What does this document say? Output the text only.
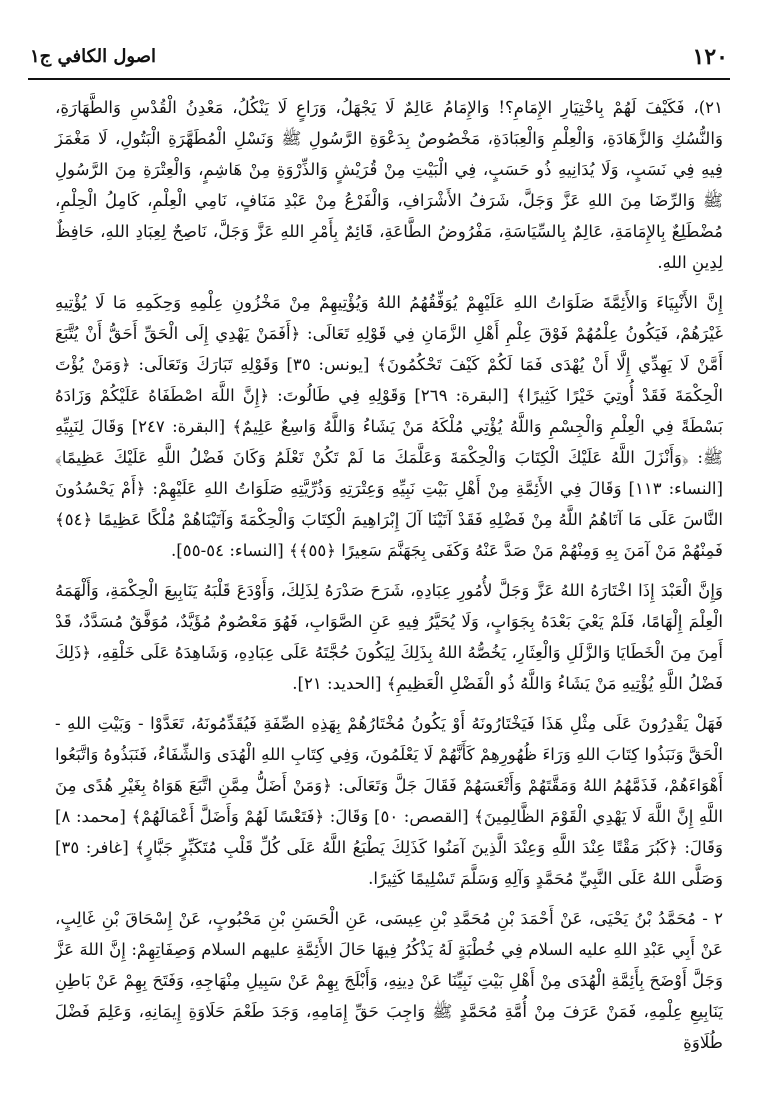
١٢٠
اصول الكافي ج١

٢١)، فَكَيْفَ لَهُمْ بِاخْتِيَارِ الإِمَامِ؟! وَالإِمَامُ عَالِمٌ لَا يَجْهَلُ، وَرَاعٍ لَا يَنْكُلُ، مَعْدِنُ الْقُدْسِ وَالطَّهَارَةِ، وَالنُّسُكِ وَالزَّهَادَةِ، وَالْعِلْمِ وَالْعِبَادَةِ، مَخْصُوصٌ بِدَعْوَةِ الرَّسُولِ ﷺ وَنَسْلِ الْمُطَهَّرَةِ الْبَتُولِ، لَا مَغْمَزَ فِيهِ فِي نَسَبٍ، وَلَا يُدَانِيهِ ذُو حَسَبٍ، فِي الْبَيْتِ مِنْ قُرَيْشٍ وَالذِّرْوَةِ مِنْ هَاشِمٍ، وَالْعِتْرَةِ مِنَ الرَّسُولِ ﷺ وَالرِّضَا مِنَ اللهِ عَزَّ وَجَلَّ، شَرَفُ الأَشْرَافِ، وَالْفَرْعُ مِنْ عَبْدِ مَنَافٍ، نَامِي الْعِلْمِ، كَامِلُ الْحِلْمِ، مُضْطَلِعٌ بِالإِمَامَةِ، عَالِمٌ بِالسِّيَاسَةِ، مَفْرُوضُ الطَّاعَةِ، قَائِمٌ بِأَمْرِ اللهِ عَزَّ وَجَلَّ، نَاصِحٌ لِعِبَادِ اللهِ، حَافِظٌ لِدِينِ اللهِ.

إِنَّ الأَنْبِيَاءَ وَالأَئِمَّةَ صَلَوَاتُ اللهِ عَلَيْهِمْ يُوَفِّقُهُمُ اللهُ وَيُؤْتِيهِمْ مِنْ مَخْزُونِ عِلْمِهِ وَحِكَمِهِ مَا لَا يُؤْتِيهِ غَيْرَهُمْ، فَيَكُونُ عِلْمُهُمْ فَوْقَ عِلْمِ أَهْلِ الزَّمَانِ فِي قَوْلِهِ تَعَالَى: ﴿أَفَمَنْ يَهْدِي إِلَى الْحَقِّ أَحَقُّ أَنْ يُتَّبَعَ أَمَّنْ لَا يَهِدِّي إِلَّا أَنْ يُهْدَى فَمَا لَكُمْ كَيْفَ تَحْكُمُونَ﴾ [يونس: ٣٥] وَقَوْلِهِ تَبَارَكَ وَتَعَالَى: ﴿وَمَنْ يُؤْتَ الْحِكْمَةَ فَقَدْ أُوتِيَ خَيْرًا كَثِيرًا﴾ [البقرة: ٢٦٩] وَقَوْلِهِ فِي طَالُوتَ: ﴿إِنَّ اللَّهَ اصْطَفَاهُ عَلَيْكُمْ وَزَادَهُ بَسْطَةً فِي الْعِلْمِ وَالْجِسْمِ وَاللَّهُ يُؤْتِي مُلْكَهُ مَنْ يَشَاءُ وَاللَّهُ وَاسِعٌ عَلِيمٌ﴾ [البقرة: ٢٤٧] وَقَالَ لِنَبِيِّهِ ﷺ: ﴿وَأَنْزَلَ اللَّهُ عَلَيْكَ الْكِتَابَ وَالْحِكْمَةَ وَعَلَّمَكَ مَا لَمْ تَكُنْ تَعْلَمُ وَكَانَ فَضْلُ اللَّهِ عَلَيْكَ عَظِيمًا﴾ [النساء: ١١٣] وَقَالَ فِي الأَئِمَّةِ مِنْ أَهْلِ بَيْتِ نَبِيِّهِ وَعِتْرَتِهِ وَذُرِّيَّتِهِ صَلَوَاتُ اللهِ عَلَيْهِمْ: ﴿أَمْ يَحْسُدُونَ النَّاسَ عَلَى مَا آتَاهُمُ اللَّهُ مِنْ فَضْلِهِ فَقَدْ آتَيْنَا آلَ إِبْرَاهِيمَ الْكِتَابَ وَالْحِكْمَةَ وَآتَيْنَاهُمْ مُلْكًا عَظِيمًا ﴿٥٤﴾ فَمِنْهُمْ مَنْ آمَنَ بِهِ وَمِنْهُمْ مَنْ صَدَّ عَنْهُ وَكَفَى بِجَهَنَّمَ سَعِيرًا ﴿٥٥﴾﴾ [النساء: ٥٤-٥٥].

وَإِنَّ الْعَبْدَ إِذَا اخْتَارَهُ اللهُ عَزَّ وَجَلَّ لأُمُورِ عِبَادِهِ، شَرَحَ صَدْرَهُ لِذَلِكَ، وَأَوْدَعَ قَلْبَهُ يَنَابِيعَ الْحِكْمَةِ، وَأَلْهَمَهُ الْعِلْمَ إِلْهَامًا، فَلَمْ يَعْيَ بَعْدَهُ بِجَوَابٍ، وَلَا يُحَيَّرُ فِيهِ عَنِ الصَّوَابِ، فَهُوَ مَعْصُومٌ مُؤَيَّدٌ، مُوَفَّقٌ مُسَدَّدٌ، قَدْ أَمِنَ مِنَ الْخَطَايَا وَالزَّلَلِ وَالْعِثَارِ، يَخُصُّهُ اللهُ بِذَلِكَ لِيَكُونَ حُجَّتَهُ عَلَى عِبَادِهِ، وَشَاهِدَهُ عَلَى خَلْقِهِ، ﴿ذَلِكَ فَضْلُ اللَّهِ يُؤْتِيهِ مَنْ يَشَاءُ وَاللَّهُ ذُو الْفَضْلِ الْعَظِيمِ﴾ [الحديد: ٢١].

فَهَلْ يَقْدِرُونَ عَلَى مِثْلِ هَذَا فَيَخْتَارُونَهُ أَوْ يَكُونُ مُخْتَارُهُمْ بِهَذِهِ الصِّفَةِ فَيُقَدِّمُونَهُ، تَعَدَّوْا - وَبَيْتِ اللهِ - الْحَقَّ وَنَبَذُوا كِتَابَ اللهِ وَرَاءَ ظُهُورِهِمْ كَأَنَّهُمْ لَا يَعْلَمُونَ، وَفِي كِتَابِ اللهِ الْهُدَى وَالشِّفَاءُ، فَنَبَذُوهُ وَاتَّبَعُوا أَهْوَاءَهُمْ، فَذَمَّهُمُ اللهُ وَمَقَّتَهُمْ وَأَتْعَسَهُمْ فَقَالَ جَلَّ وَتَعَالَى: ﴿وَمَنْ أَضَلُّ مِمَّنِ اتَّبَعَ هَوَاهُ بِغَيْرِ هُدًى مِنَ اللَّهِ إِنَّ اللَّهَ لَا يَهْدِي الْقَوْمَ الظَّالِمِينَ﴾ [القصص: ٥٠] وَقَالَ: ﴿فَتَعْسًا لَهُمْ وَأَضَلَّ أَعْمَالَهُمْ﴾ [محمد: ٨] وَقَالَ: ﴿كَبُرَ مَقْتًا عِنْدَ اللَّهِ وَعِنْدَ الَّذِينَ آمَنُوا كَذَلِكَ يَطْبَعُ اللَّهُ عَلَى كُلِّ قَلْبِ مُتَكَبِّرٍ جَبَّارٍ﴾ [غافر: ٣٥] وَصَلَّى اللهُ عَلَى النَّبِيِّ مُحَمَّدٍ وَآلِهِ وَسَلَّمَ تَسْلِيمًا كَثِيرًا.

٢ - مُحَمَّدُ بْنُ يَحْيَى، عَنْ أَحْمَدَ بْنِ مُحَمَّدِ بْنِ عِيسَى، عَنِ الْحَسَنِ بْنِ مَحْبُوبٍ، عَنْ إِسْحَاقَ بْنِ غَالِبٍ، عَنْ أَبِي عَبْدِ اللهِ عليه السلام فِي خُطْبَةٍ لَهُ يَذْكُرُ فِيهَا حَالَ الأَئِمَّةِ عليهم السلام وَصِفَاتِهِمْ: إِنَّ اللهَ عَزَّ وَجَلَّ أَوْضَحَ بِأَئِمَّةِ الْهُدَى مِنْ أَهْلِ بَيْتِ نَبِيِّنَا عَنْ دِينِهِ، وَأَبْلَجَ بِهِمْ عَنْ سَبِيلِ مِنْهَاجِهِ، وَفَتَحَ بِهِمْ عَنْ بَاطِنِ يَنَابِيعِ عِلْمِهِ، فَمَنْ عَرَفَ مِنْ أُمَّةِ مُحَمَّدٍ ﷺ وَاجِبَ حَقِّ إِمَامِهِ، وَجَدَ طَعْمَ حَلَاوَةِ إِيمَانِهِ، وَعَلِمَ فَضْلَ طُلَاوَةِ
